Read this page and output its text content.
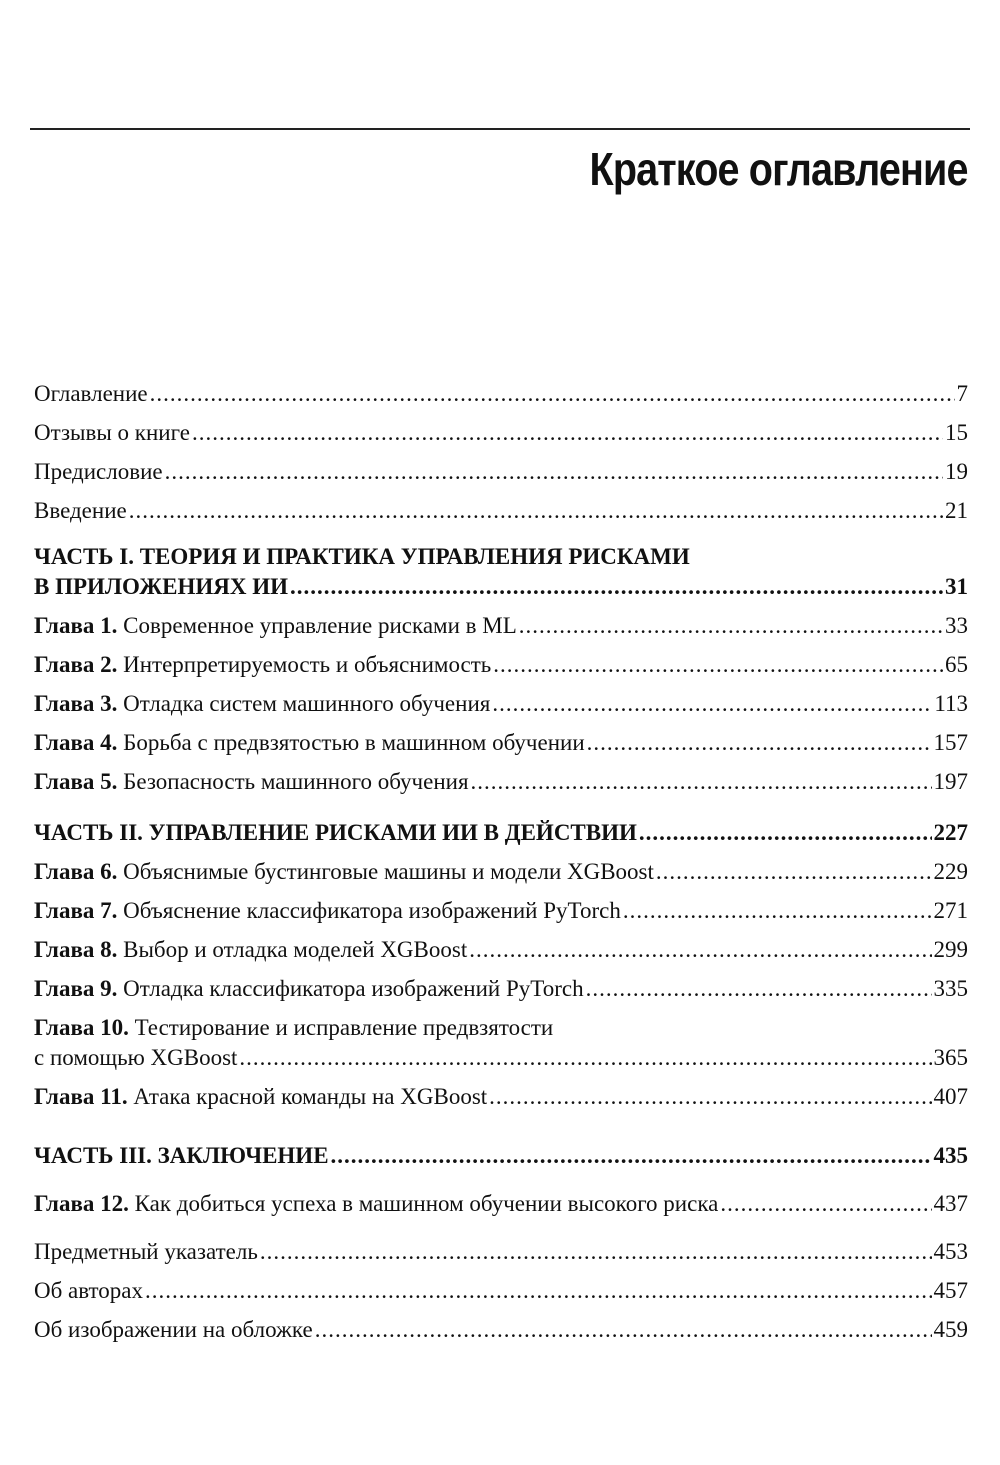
Краткое оглавление
Оглавление .....	7
Отзывы о книге .....	15
Предисловие .....	19
Введение .....	21
ЧАСТЬ I. ТЕОРИЯ И ПРАКТИКА УПРАВЛЕНИЯ РИСКАМИ
В ПРИЛОЖЕНИЯХ ИИ .....	31
Глава 1. Современное управление рисками в ML .....	33
Глава 2. Интерпретируемость и объяснимость .....	65
Глава 3. Отладка систем машинного обучения .....	113
Глава 4. Борьба с предвзятостью в машинном обучении .....	157
Глава 5. Безопасность машинного обучения .....	197
ЧАСТЬ II. УПРАВЛЕНИЕ РИСКАМИ ИИ В ДЕЙСТВИИ .....	227
Глава 6. Объяснимые бустинговые машины и модели XGBoost .....	229
Глава 7. Объяснение классификатора изображений PyTorch .....	271
Глава 8. Выбор и отладка моделей XGBoost .....	299
Глава 9. Отладка классификатора изображений PyTorch .....	335
Глава 10. Тестирование и исправление предвзятости
с помощью XGBoost .....	365
Глава 11. Атака красной команды на XGBoost .....	407
ЧАСТЬ III. ЗАКЛЮЧЕНИЕ .....	435
Глава 12. Как добиться успеха в машинном обучении высокого риска .....	437
Предметный указатель .....	453
Об авторах .....	457
Об изображении на обложке .....	459
